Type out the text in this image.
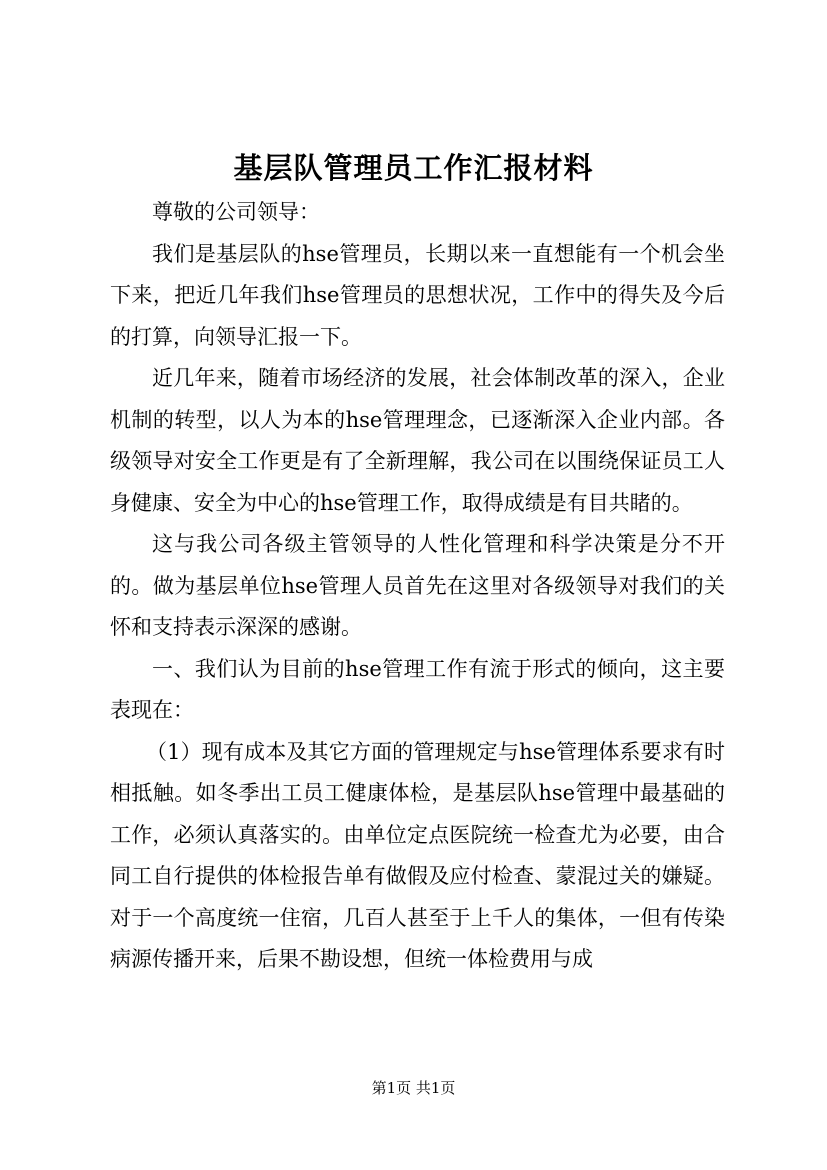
基层队管理员工作汇报材料

尊敬的公司领导：

我们是基层队的hse管理员，长期以来一直想能有一个机会坐下来，把近几年我们hse管理员的思想状况，工作中的得失及今后的打算，向领导汇报一下。

近几年来，随着市场经济的发展，社会体制改革的深入，企业机制的转型，以人为本的hse管理理念，已逐渐深入企业内部。各级领导对安全工作更是有了全新理解，我公司在以围绕保证员工人身健康、安全为中心的hse管理工作，取得成绩是有目共睹的。

这与我公司各级主管领导的人性化管理和科学决策是分不开的。做为基层单位hse管理人员首先在这里对各级领导对我们的关怀和支持表示深深的感谢。

一、我们认为目前的hse管理工作有流于形式的倾向，这主要表现在：

（1）现有成本及其它方面的管理规定与hse管理体系要求有时相抵触。如冬季出工员工健康体检，是基层队hse管理中最基础的工作，必须认真落实的。由单位定点医院统一检查尤为必要，由合同工自行提供的体检报告单有做假及应付检查、蒙混过关的嫌疑。对于一个高度统一住宿，几百人甚至于上千人的集体，一但有传染病源传播开来，后果不勘设想，但统一体检费用与成

第1页 共1页
